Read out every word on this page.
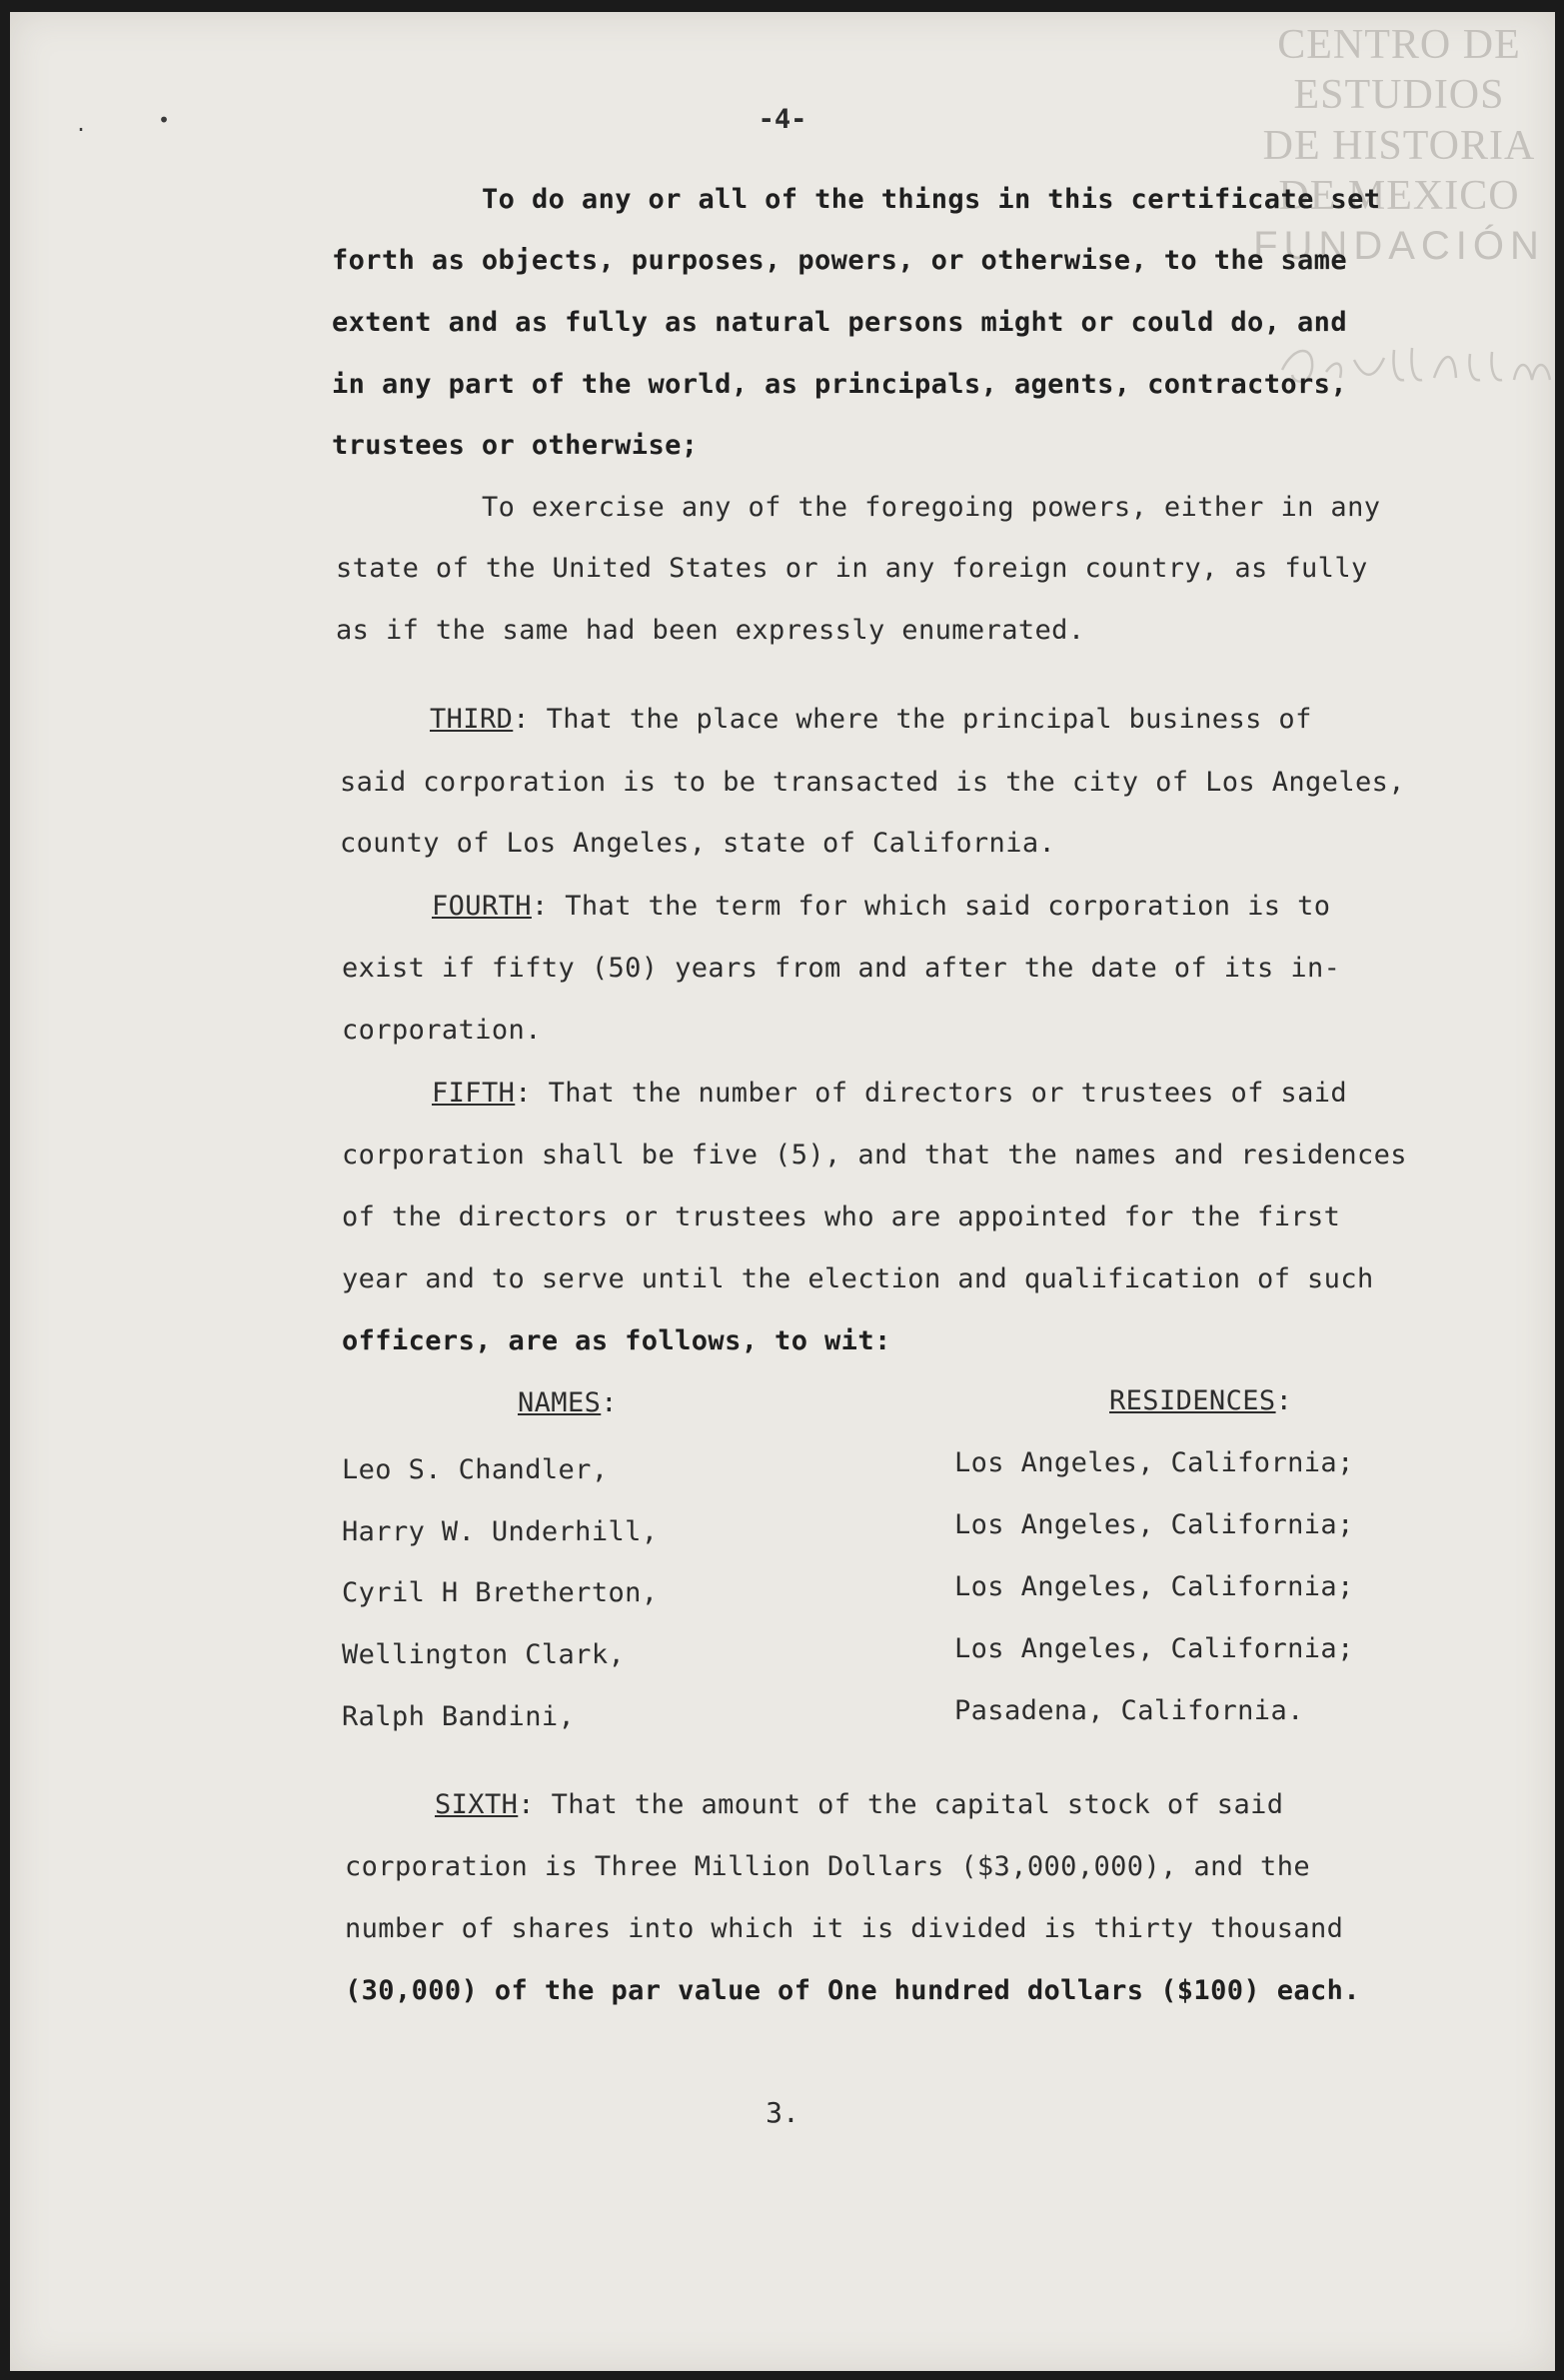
CENTRO DE
ESTUDIOS
DE HISTORIA
DE MEXICO
FUNDACIÓN
.	•	-4-
To do any or all of the things in this certificate set
forth as objects, purposes, powers, or otherwise, to the same
extent and as fully as natural persons might or could do, and
in any part of the world, as principals, agents, contractors,
trustees or otherwise;
To exercise any of the foregoing powers, either in any
state of the United States or in any foreign country, as fully
as if the same had been expressly enumerated.
THIRD: That the place where the principal business of
said corporation is to be transacted is the city of Los Angeles,
county of Los Angeles, state of California.
FOURTH: That the term for which said corporation is to
exist if fifty (50) years from and after the date of its in-
corporation.
FIFTH: That the number of directors or trustees of said
corporation shall be five (5), and that the names and residences
of the directors or trustees who are appointed for the first
year and to serve until the election and qualification of such
officers, are as follows, to wit:
NAMES:	RESIDENCES:
Leo S. Chandler,	Los Angeles, California;
Harry W. Underhill,	Los Angeles, California;
Cyril H Bretherton,	Los Angeles, California;
Wellington Clark,	Los Angeles, California;
Ralph Bandini,	Pasadena, California.
SIXTH: That the amount of the capital stock of said
corporation is Three Million Dollars ($3,000,000), and the
number of shares into which it is divided is thirty thousand
(30,000) of the par value of One hundred dollars ($100) each.
3.
